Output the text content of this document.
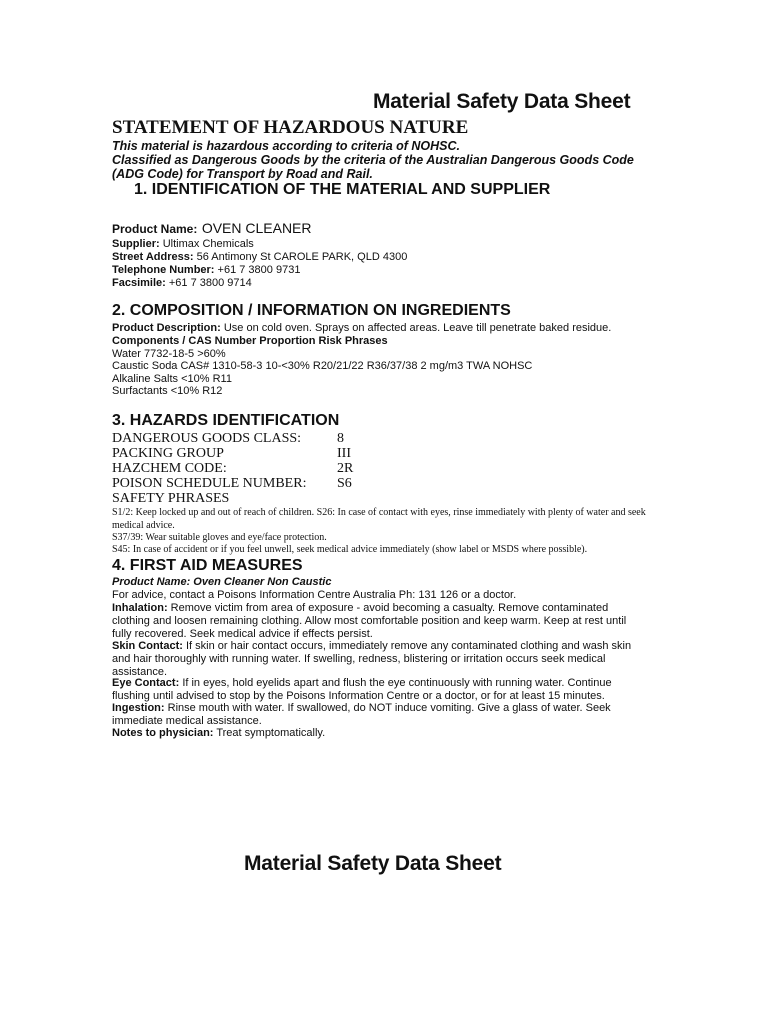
Material Safety Data Sheet
STATEMENT OF HAZARDOUS NATURE
This material is hazardous according to criteria of NOHSC.
Classified as Dangerous Goods by the criteria of the Australian Dangerous Goods Code
(ADG Code) for Transport by Road and Rail.
1. IDENTIFICATION OF THE MATERIAL AND SUPPLIER
Product Name: OVEN CLEANER
Supplier: Ultimax Chemicals
Street Address: 56 Antimony St CAROLE PARK, QLD 4300
Telephone Number: +61 7 3800 9731
Facsimile: +61 7 3800 9714
2. COMPOSITION / INFORMATION ON INGREDIENTS
Product Description: Use on cold oven. Sprays on affected areas. Leave till penetrate baked residue.
Components / CAS Number Proportion Risk Phrases
Water 7732-18-5 >60%
Caustic Soda CAS# 1310-58-3 10-<30% R20/21/22 R36/37/38 2 mg/m3 TWA NOHSC
Alkaline Salts <10% R11
Surfactants <10% R12
3. HAZARDS IDENTIFICATION
DANGEROUS GOODS CLASS:	8
PACKING GROUP	III
HAZCHEM CODE:	2R
POISON SCHEDULE NUMBER: S6
SAFETY PHRASES
S1/2: Keep locked up and out of reach of children. S26: In case of contact with eyes, rinse immediately with plenty of water and seek medical advice.
S37/39: Wear suitable gloves and eye/face protection.
S45: In case of accident or if you feel unwell, seek medical advice immediately (show label or MSDS where possible).
4. FIRST AID MEASURES
Product Name: Oven Cleaner Non Caustic
For advice, contact a Poisons Information Centre Australia Ph: 131 126 or a doctor.
Inhalation: Remove victim from area of exposure - avoid becoming a casualty. Remove contaminated clothing and loosen remaining clothing. Allow most comfortable position and keep warm. Keep at rest until fully recovered. Seek medical advice if effects persist.
Skin Contact: If skin or hair contact occurs, immediately remove any contaminated clothing and wash skin and hair thoroughly with running water. If swelling, redness, blistering or irritation occurs seek medical assistance.
Eye Contact: If in eyes, hold eyelids apart and flush the eye continuously with running water. Continue flushing until advised to stop by the Poisons Information Centre or a doctor, or for at least 15 minutes.
Ingestion: Rinse mouth with water. If swallowed, do NOT induce vomiting. Give a glass of water. Seek immediate medical assistance.
Notes to physician: Treat symptomatically.
Material Safety Data Sheet
